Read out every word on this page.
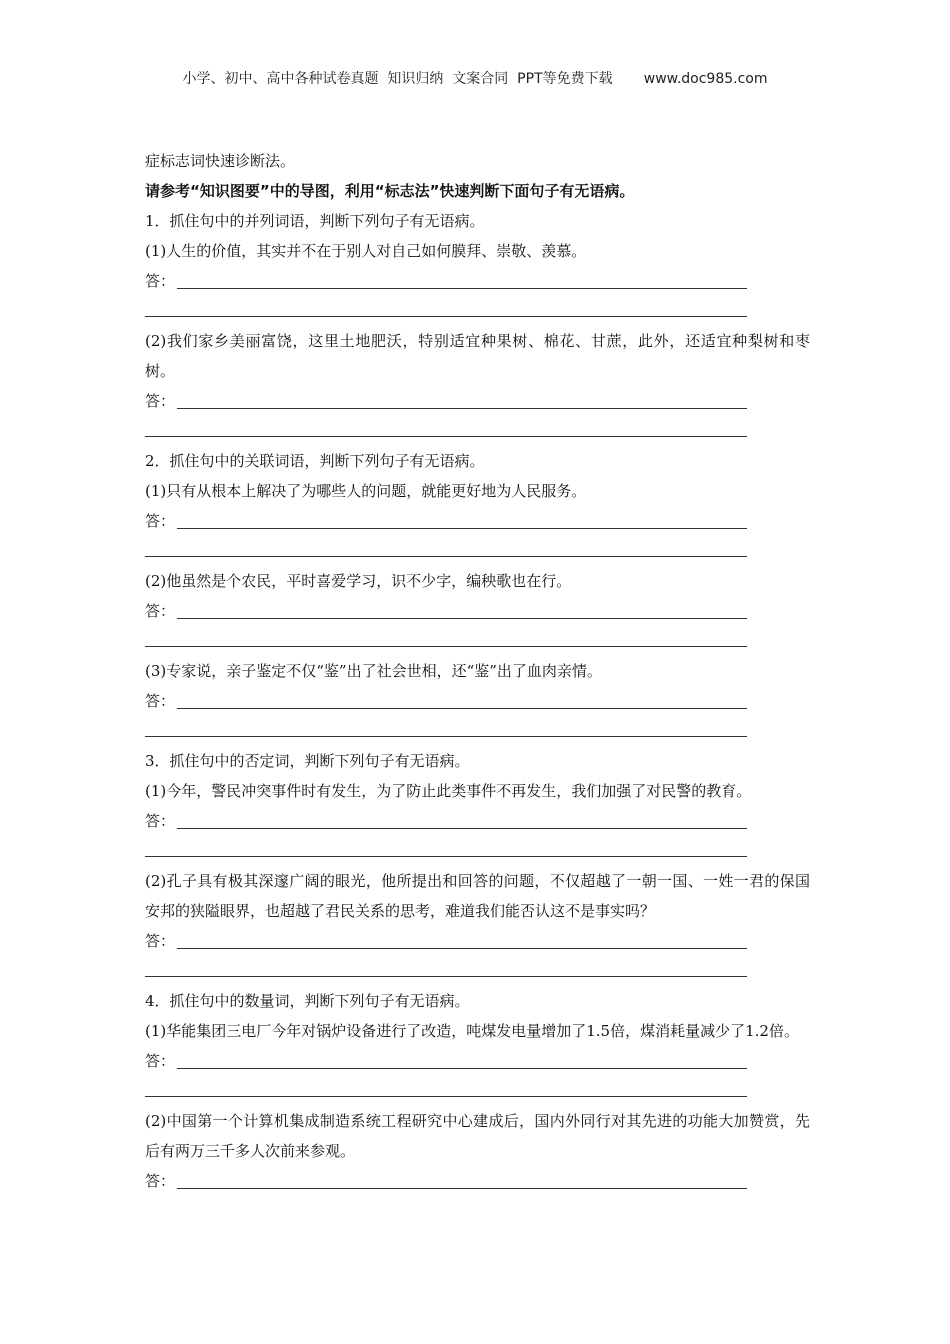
小学、初中、高中各种试卷真题  知识归纳  文案合同  PPT等免费下载       www.doc985.com
症标志词快速诊断法。
请参考“知识图要”中的导图，利用“标志法”快速判断下面句子有无语病。
1．抓住句中的并列词语，判断下列句子有无语病。
(1)人生的价值，其实并不在于别人对自己如何膜拜、崇敬、羡慕。
答：
(2)我们家乡美丽富饶，这里土地肥沃，特别适宜种果树、棉花、甘蔗，此外，还适宜种梨树和枣树。
答：
2．抓住句中的关联词语，判断下列句子有无语病。
(1)只有从根本上解决了为哪些人的问题，就能更好地为人民服务。
答：
(2)他虽然是个农民，平时喜爱学习，识不少字，编秧歌也在行。
答：
(3)专家说，亲子鉴定不仅“鉴”出了社会世相，还“鉴”出了血肉亲情。
答：
3．抓住句中的否定词，判断下列句子有无语病。
(1)今年，警民冲突事件时有发生，为了防止此类事件不再发生，我们加强了对民警的教育。
答：
(2)孔子具有极其深邃广阔的眼光，他所提出和回答的问题，不仅超越了一朝一国、一姓一君的保国安邦的狭隘眼界，也超越了君民关系的思考，难道我们能否认这不是事实吗？
答：
4．抓住句中的数量词，判断下列句子有无语病。
(1)华能集团三电厂今年对锅炉设备进行了改造，吨煤发电量增加了1.5倍，煤消耗量减少了1.2倍。
答：
(2)中国第一个计算机集成制造系统工程研究中心建成后，国内外同行对其先进的功能大加赞赏，先后有两万三千多人次前来参观。
答：
